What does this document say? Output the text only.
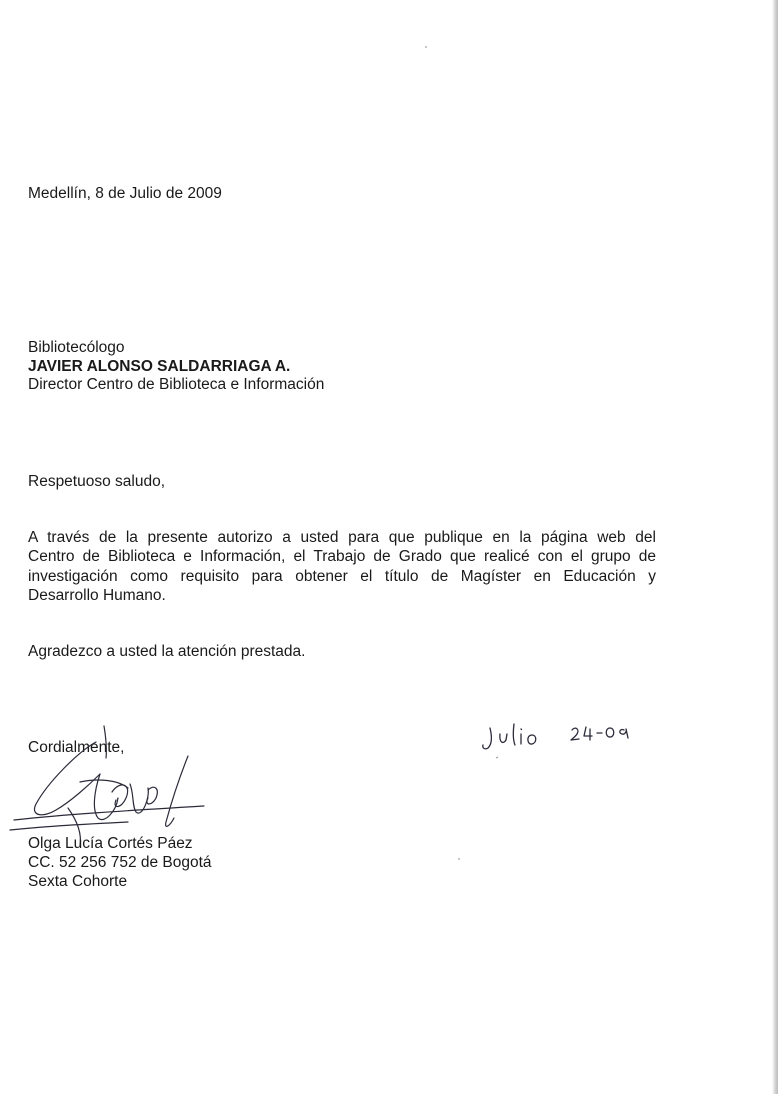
Medellín, 8 de Julio de 2009
Bibliotecólogo
JAVIER ALONSO SALDARRIAGA A.
Director Centro de Biblioteca e Información
Respetuoso saludo,
A través de la presente autorizo a usted para que publique en la página web del
Centro de Biblioteca e Información, el Trabajo de Grado que realicé con el grupo de
investigación como requisito para obtener el título de Magíster en Educación y
Desarrollo Humano.
Agradezco a usted la atención prestada.
Cordialmente,
Olga Lucía Cortés Páez
CC. 52 256 752 de Bogotá
Sexta Cohorte
